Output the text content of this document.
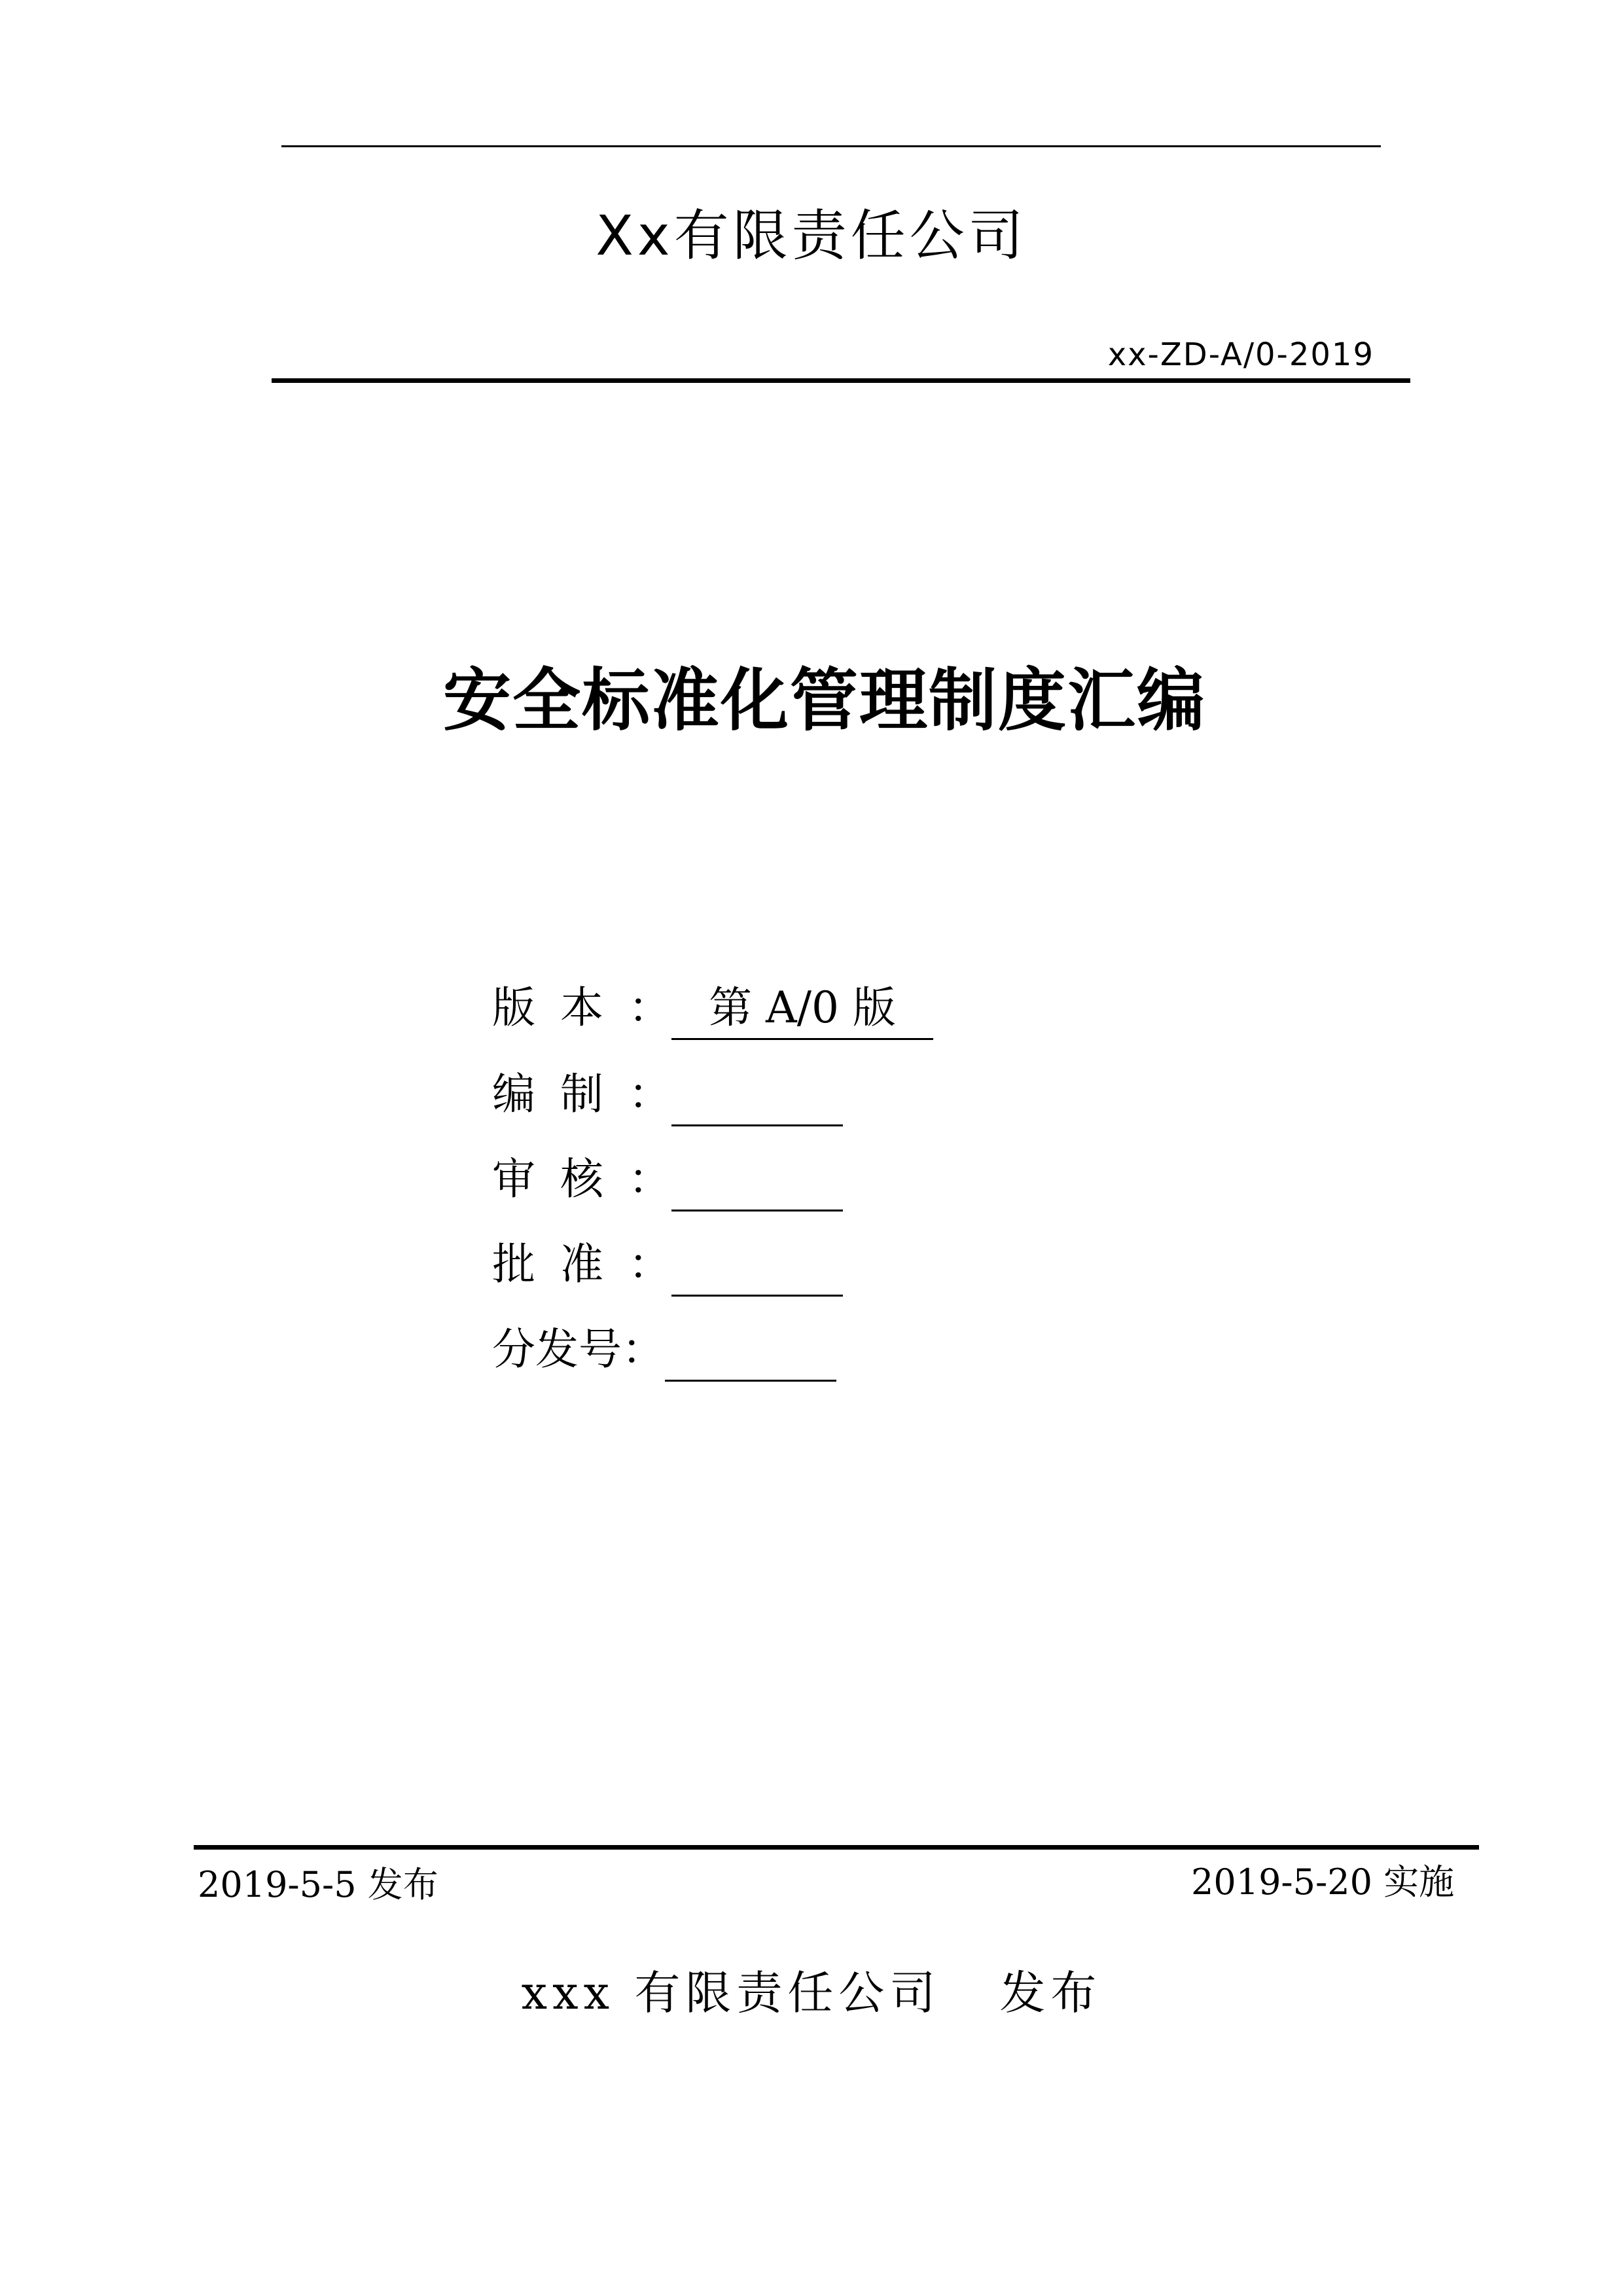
Xx有限责任公司
xx-ZD-A/0-2019
安全标准化管理制度汇编
版本： 第 A/0 版
编制：
审核：
批准：
分发号：
2019-5-5 发布	2019-5-20 实施
xxx 有限责任公司 发布
